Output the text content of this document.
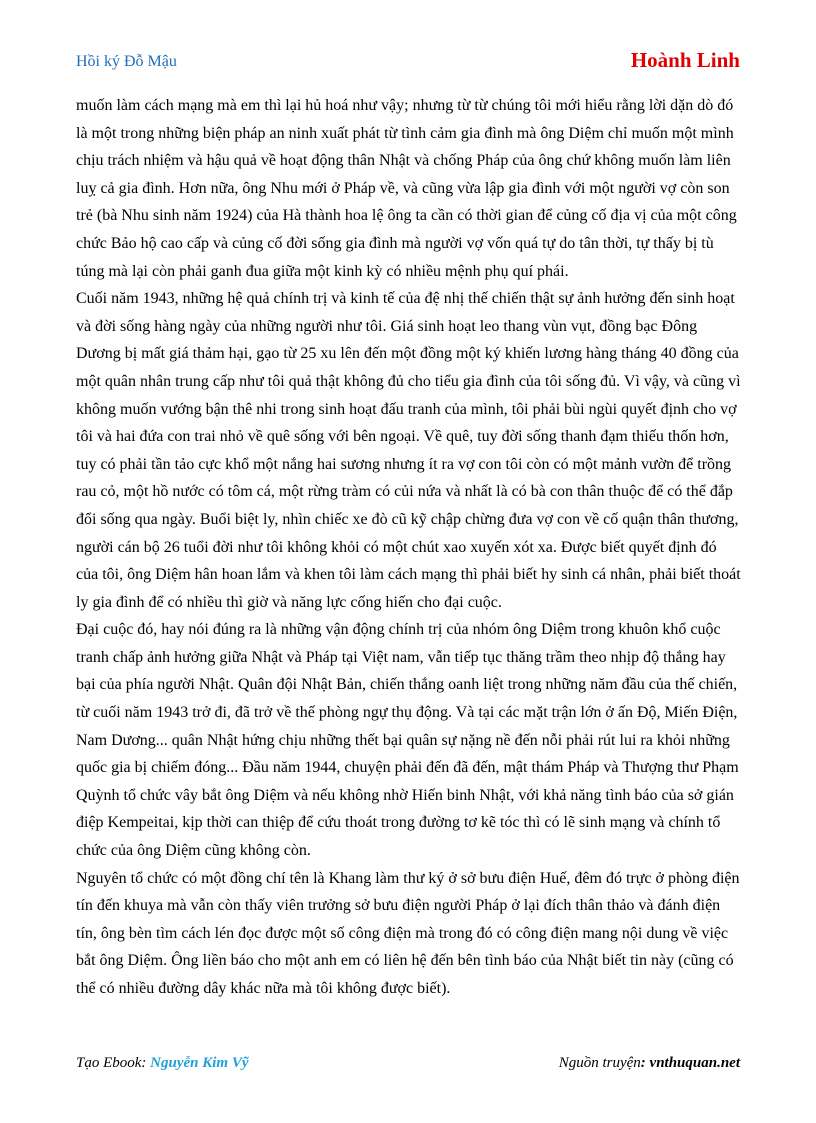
Hồi ký Đỗ Mậu	Hoành Linh

muốn làm cách mạng mà em thì lại hủ hoá như vậy; nhưng từ từ chúng tôi mới hiểu rằng lời dặn dò đó là một trong những biện pháp an ninh xuất phát từ tình cảm gia đình mà ông Diệm chỉ muốn một mình chịu trách nhiệm và hậu quả về hoạt động thân Nhật và chống Pháp của ông chứ không muốn làm liên luỵ cả gia đình. Hơn nữa, ông Nhu mới ở Pháp về, và cũng vừa lập gia đình với một người vợ còn son trẻ (bà Nhu sinh năm 1924) của Hà thành hoa lệ ông ta cần có thời gian để củng cố địa vị của một công chức Bảo hộ cao cấp và củng cố đời sống gia đình mà người vợ vốn quá tự do tân thời, tự thấy bị tù túng mà lại còn phải ganh đua giữa một kinh kỳ có nhiều mệnh phụ quí phái.

Cuối năm 1943, những hệ quả chính trị và kinh tế của đệ nhị thế chiến thật sự ảnh hưởng đến sinh hoạt và đời sống hàng ngày của những người như tôi. Giá sinh hoạt leo thang vùn vụt, đồng bạc Đông Dương bị mất giá thảm hại, gạo từ 25 xu lên đến một đồng một ký khiến lương hàng tháng 40 đồng của một quân nhân trung cấp như tôi quả thật không đủ cho tiểu gia đình của tôi sống đủ. Vì vậy, và cũng vì không muốn vướng bận thê nhi trong sinh hoạt đấu tranh của mình, tôi phải bùi ngùi quyết định cho vợ tôi và hai đứa con trai nhỏ về quê sống với bên ngoại. Về quê, tuy đời sống thanh đạm thiếu thốn hơn, tuy có phải tần tảo cực khổ một nắng hai sương nhưng ít ra vợ con tôi còn có một mảnh vườn để trồng rau cỏ, một hồ nước có tôm cá, một rừng tràm có củi nứa và nhất là có bà con thân thuộc để có thể đắp đổi sống qua ngày. Buổi biệt ly, nhìn chiếc xe đò cũ kỹ chập chừng đưa vợ con về cố quận thân thương, người cán bộ 26 tuổi đời như tôi không khỏi có một chút xao xuyến xót xa. Được biết quyết định đó của tôi, ông Diệm hân hoan lắm và khen tôi làm cách mạng thì phải biết hy sinh cá nhân, phải biết thoát ly gia đình để có nhiều thì giờ và năng lực cống hiến cho đại cuộc.

Đại cuộc đó, hay nói đúng ra là những vận động chính trị của nhóm ông Diệm trong khuôn khổ cuộc tranh chấp ảnh hưởng giữa Nhật và Pháp tại Việt nam, vẫn tiếp tục thăng trầm theo nhịp độ thắng hay bại của phía người Nhật. Quân đội Nhật Bản, chiến thắng oanh liệt trong những năm đầu của thế chiến, từ cuối năm 1943 trở đi, đã trở về thế phòng ngự thụ động. Và tại các mặt trận lớn ở ấn Độ, Miến Điện, Nam Dương... quân Nhật hứng chịu những thết bại quân sự nặng nề đến nỗi phải rút lui ra khỏi những quốc gia bị chiếm đóng... Đầu năm 1944, chuyện phải đến đã đến, mật thám Pháp và Thượng thư Phạm Quỳnh tổ chức vây bắt ông Diệm và nếu không nhờ Hiến binh Nhật, với khả năng tình báo của sở gián điệp Kempeitai, kịp thời can thiệp để cứu thoát trong đường tơ kẽ tóc thì có lẽ sinh mạng và chính tổ chức của ông Diệm cũng không còn.

Nguyên tổ chức có một đồng chí tên là Khang làm thư ký ở sở bưu điện Huế, đêm đó trực ở phòng điện tín đến khuya mà vẫn còn thấy viên trưởng sở bưu điện người Pháp ở lại đích thân thảo và đánh điện tín, ông bèn tìm cách lén đọc được một số công điện mà trong đó có công điện mang nội dung về việc bắt ông Diệm. Ông liền báo cho một anh em có liên hệ đến bên tình báo của Nhật biết tin này (cũng có thể có nhiều đường dây khác nữa mà tôi không được biết).

Tạo Ebook: Nguyễn Kim Vỹ	Nguồn truyện: vnthuquan.net
